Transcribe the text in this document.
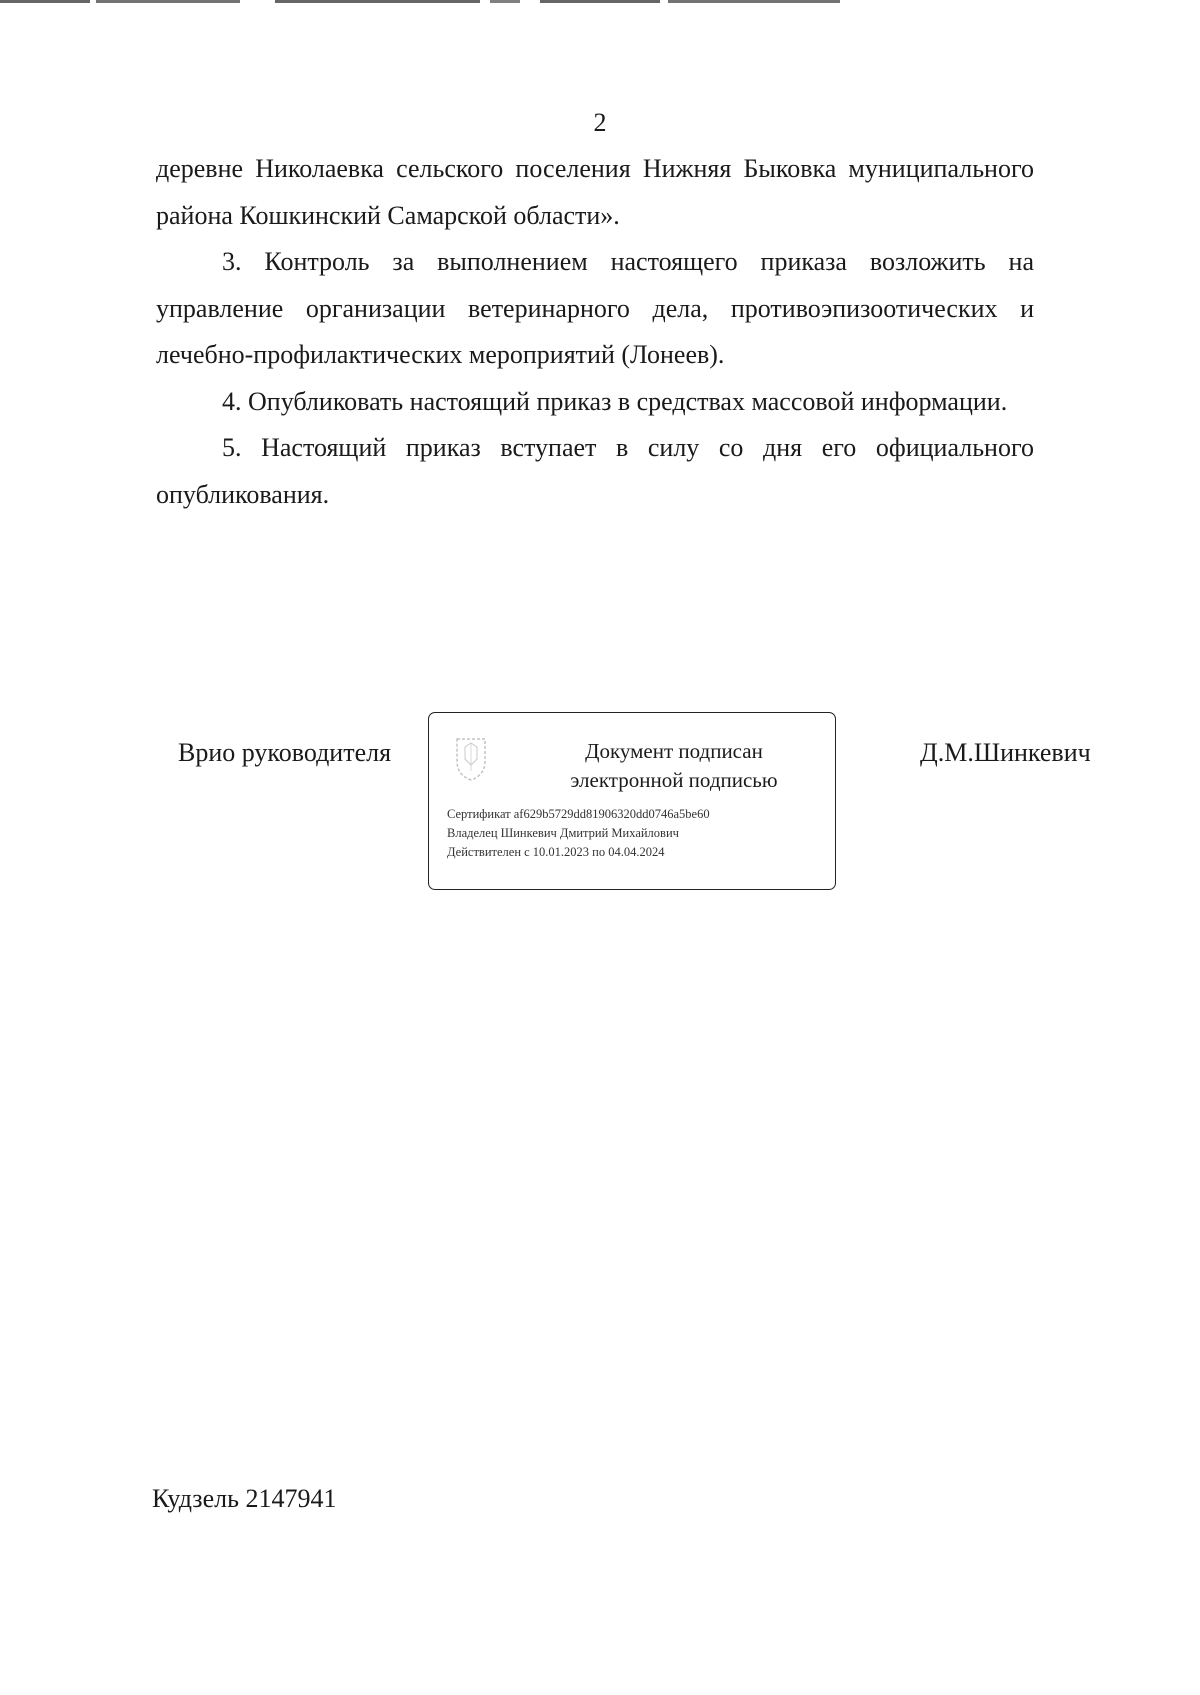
2

деревне Николаевка сельского поселения Нижняя Быковка муниципального района Кошкинский Самарской области».

3. Контроль за выполнением настоящего приказа возложить на управление организации ветеринарного дела, противоэпизоотических и лечебно-профилактических мероприятий (Лонеев).

4. Опубликовать настоящий приказ в средствах массовой информации.

5. Настоящий приказ вступает в силу со дня его официального опубликования.

Врио руководителя	Документ подписан
электронной подписью
Сертификат af629b5729dd81906320dd0746a5be60
Владелец Шинкевич Дмитрий Михайлович
Действителен с 10.01.2023 по 04.04.2024
Д.М.Шинкевич
Кудзель 2147941
